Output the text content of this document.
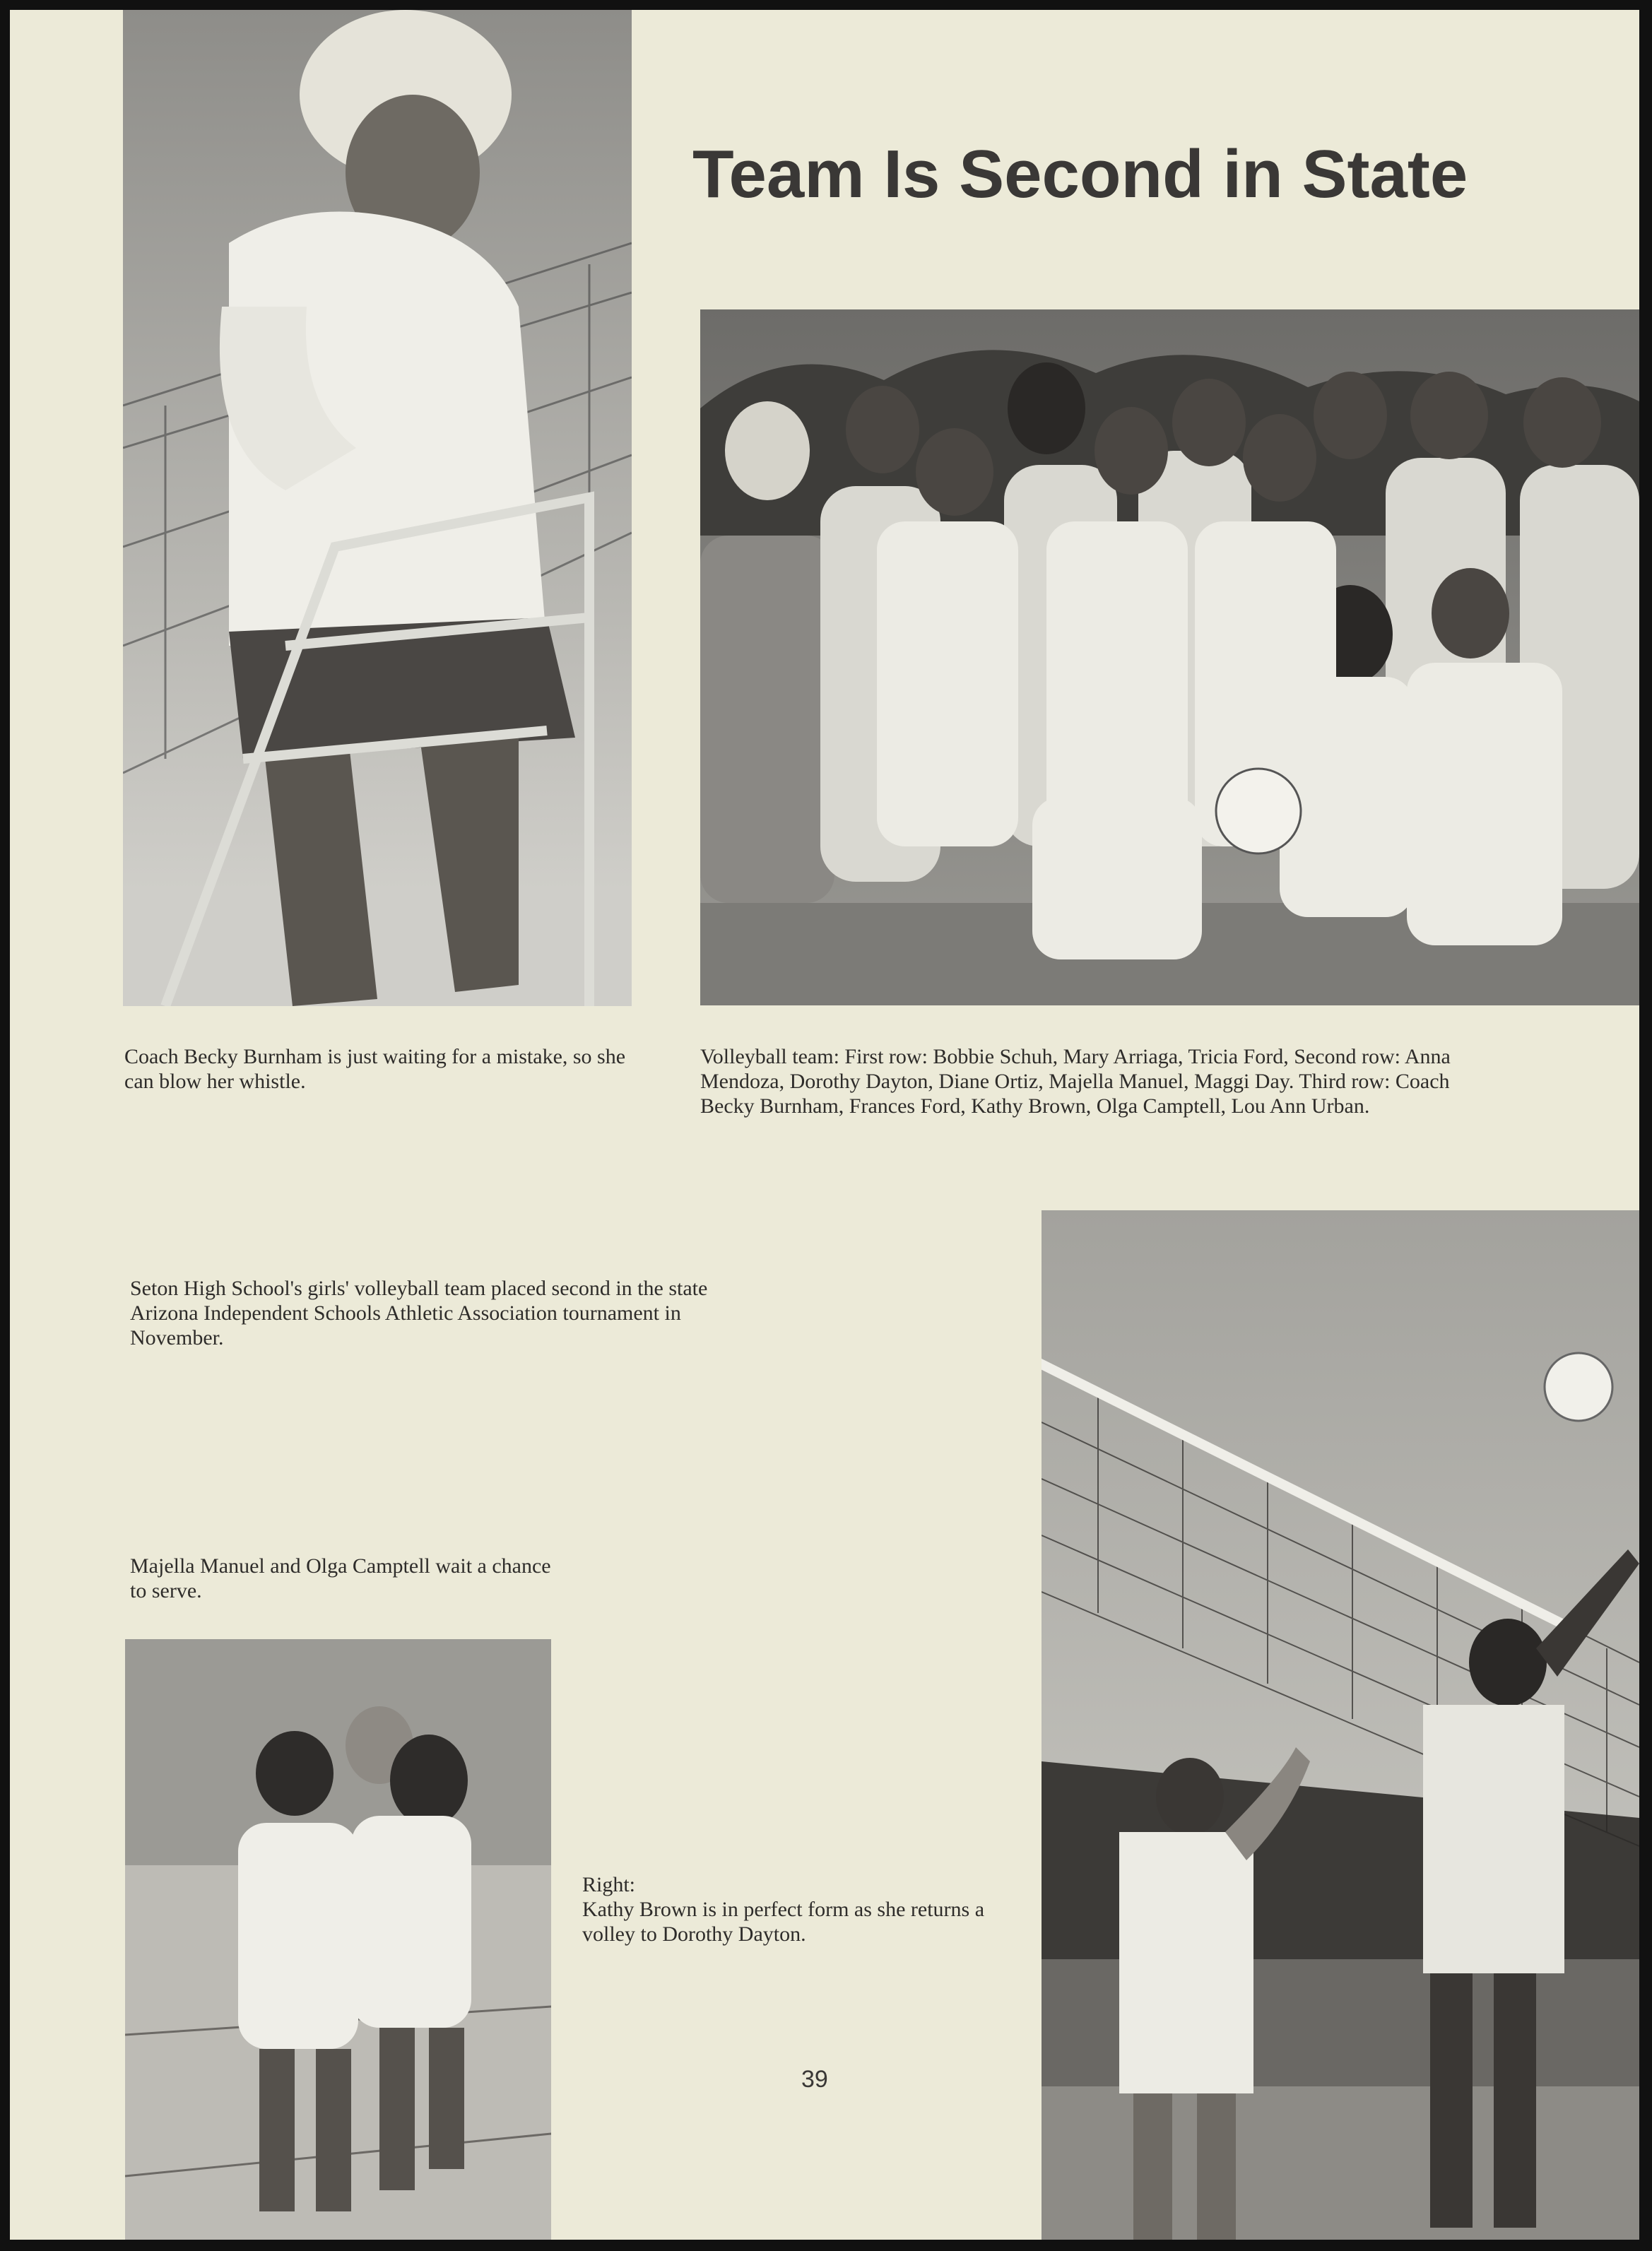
Team Is Second in State
Coach Becky Burnham is just waiting for a mistake, so she can blow her whistle.
Volleyball team: First row: Bobbie Schuh, Mary Arriaga, Tricia Ford, Second row: Anna Mendoza, Dorothy Dayton, Diane Ortiz, Majella Manuel, Maggi Day. Third row: Coach Becky Burnham, Frances Ford, Kathy Brown, Olga Camptell, Lou Ann Urban.
Seton High School's girls' volleyball team placed second in the state Arizona Independent Schools Athletic Association tournament in November.
Majella Manuel and Olga Camptell wait a chance to serve.
Right:
Kathy Brown is in perfect form as she returns a volley to Dorothy Dayton.
39
